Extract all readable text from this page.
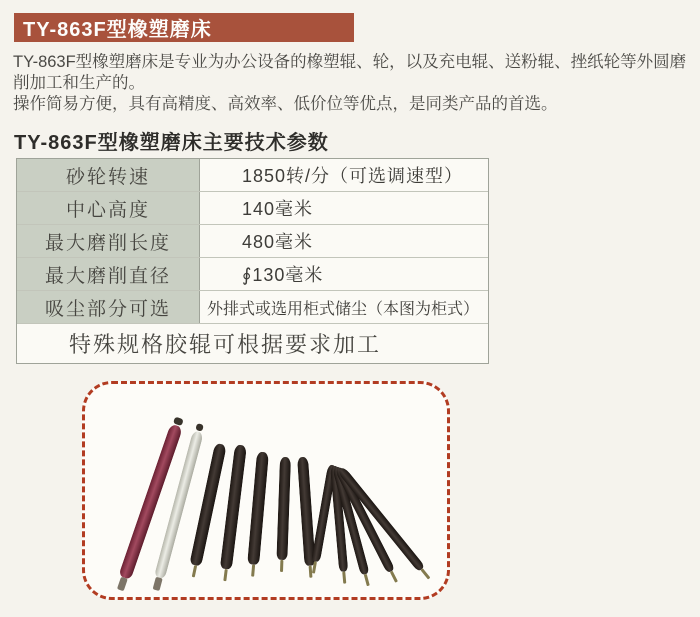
TY-863F型橡塑磨床

TY-863F型橡塑磨床是专业为办公设备的橡塑辊、轮，以及充电辊、送粉辊、挫纸轮等外圆磨削加工和生产的。

操作简易方便，具有高精度、高效率、低价位等优点，是同类产品的首选。

TY-863F型橡塑磨床主要技术参数
砂轮转速	1850转/分（可选调速型）
中心高度	140毫米
最大磨削长度	480毫米
最大磨削直径	∮130毫米
吸尘部分可选	外排式或选用柜式储尘（本图为柜式）
特殊规格胶辊可根据要求加工
